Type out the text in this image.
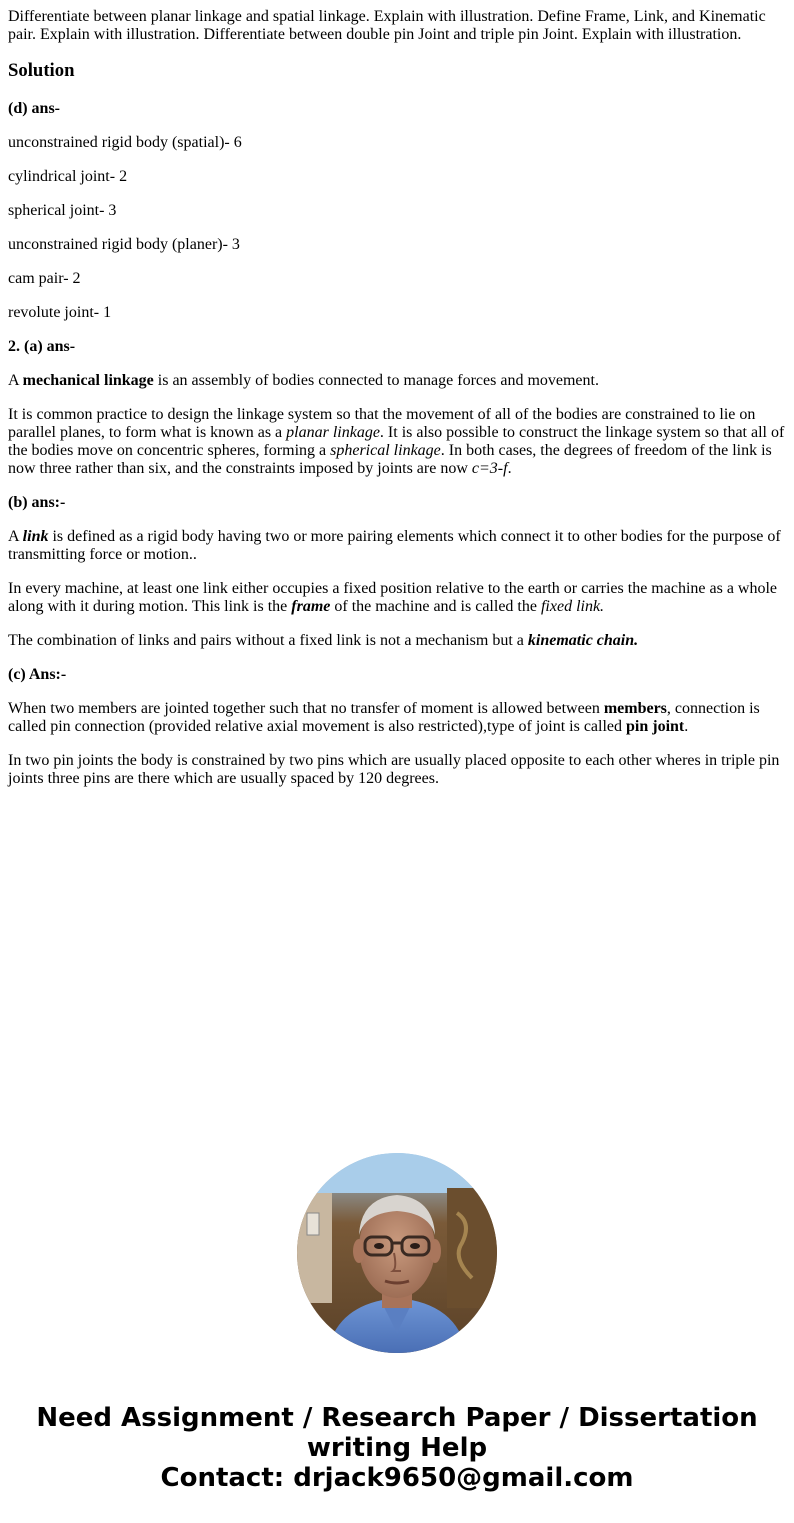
Differentiate between planar linkage and spatial linkage. Explain with illustration. Define Frame, Link, and Kinematic pair. Explain with illustration. Differentiate between double pin Joint and triple pin Joint. Explain with illustration.

Solution

(d) ans-

unconstrained rigid body (spatial)- 6

cylindrical joint- 2

spherical joint- 3

unconstrained rigid body (planer)- 3

cam pair- 2

revolute joint- 1

2. (a) ans-

A mechanical linkage is an assembly of bodies connected to manage forces and movement.

It is common practice to design the linkage system so that the movement of all of the bodies are constrained to lie on parallel planes, to form what is known as a planar linkage. It is also possible to construct the linkage system so that all of the bodies move on concentric spheres, forming a spherical linkage. In both cases, the degrees of freedom of the link is now three rather than six, and the constraints imposed by joints are now c=3-f.

(b) ans:-

A link is defined as a rigid body having two or more pairing elements which connect it to other bodies for the purpose of transmitting force or motion..

In every machine, at least one link either occupies a fixed position relative to the earth or carries the machine as a whole along with it during motion. This link is the frame of the machine and is called the fixed link.

The combination of links and pairs without a fixed link is not a mechanism but a kinematic chain.

(c) Ans:-

When two members are jointed together such that no transfer of moment is allowed between members, connection is called pin connection (provided relative axial movement is also restricted),type of joint is called pin joint.

In two pin joints the body is constrained by two pins which are usually placed opposite to each other wheres in triple pin joints three pins are there which are usually spaced by 120 degrees.

Need Assignment / Research Paper / Dissertation
writing Help
Contact: drjack9650@gmail.com
